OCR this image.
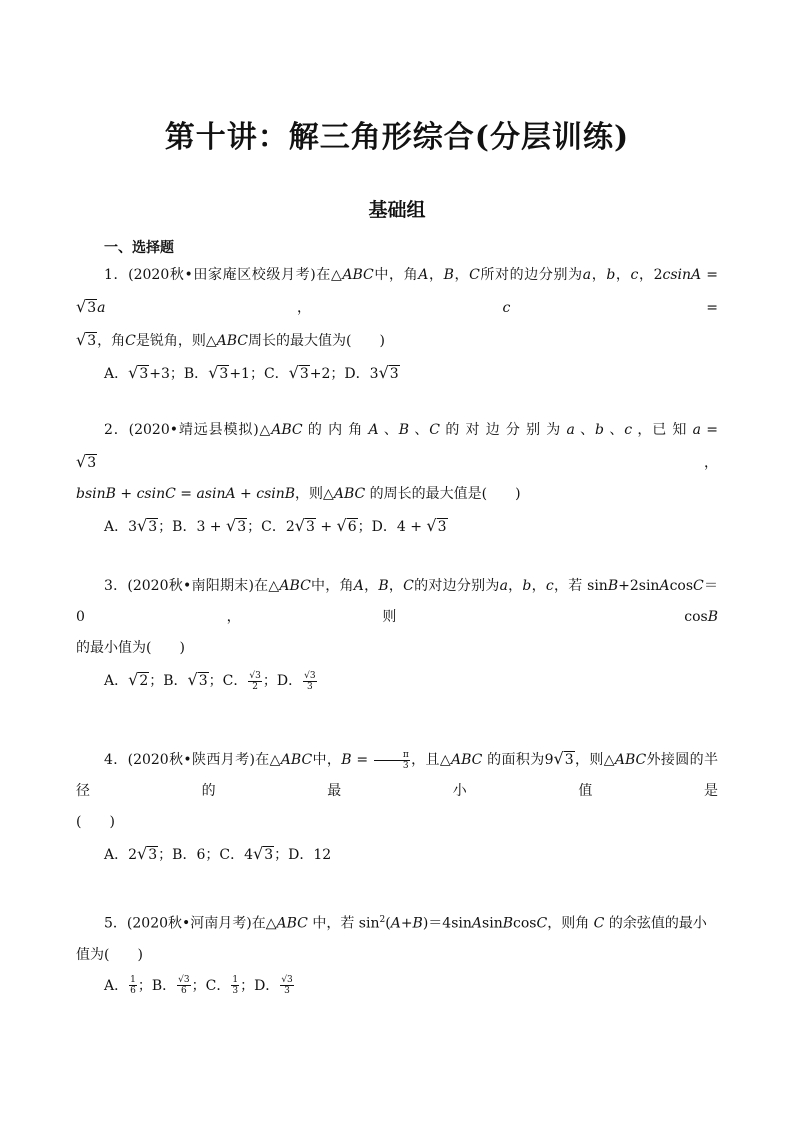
第十讲：解三角形综合(分层训练)
基础组
一、选择题

1．(2020秋•田家庵区校级月考)在△ABC中，角A，B，C所对的边分别为a，b，c，2csinA = √3a，c =

√3，角C是锐角，则△ABC周长的最大值为(　　)

A．√3+3；B．√3+1；C．√3+2；D．3√3

2．(2020•靖远县模拟)△ABC 的 内 角 A 、B 、C 的 对 边 分 别 为 a 、b 、c ，已 知 a = √3，

bsinB + csinC = asinA + csinB，则△ABC 的周长的最大值是(　　)

A．3√3；B．3 + √3；C．2√3 + √6；D．4 + √3

3．(2020秋•南阳期末)在△ABC中，角A，B，C的对边分别为a，b，c，若 sinB+2sinAcosC＝0，则 cosB

的最小值为(　　)

A．√2；B．√3；C． $\frac{√3}{2}$ ；D． $\frac{√3}{3}$

4．(2020秋•陕西月考)在△ABC中，$B = \frac{\pi}{3}$ ，且△ABC 的面积为9√3，则△ABC外接圆的半径的最小值是

(　　)

A．2√3；B．6；C．4√3；D．12

5．(2020秋•河南月考)在△ABC 中，若 $\sin^2(A+B)=4sinAsinBcosC$，则角 C 的余弦值的最小值为(　　)

A． $\frac{1}{6}$ ；B． $\frac{√3}{6}$ ；C． $\frac{1}{3}$ ；D． $\frac{√3}{3}$
